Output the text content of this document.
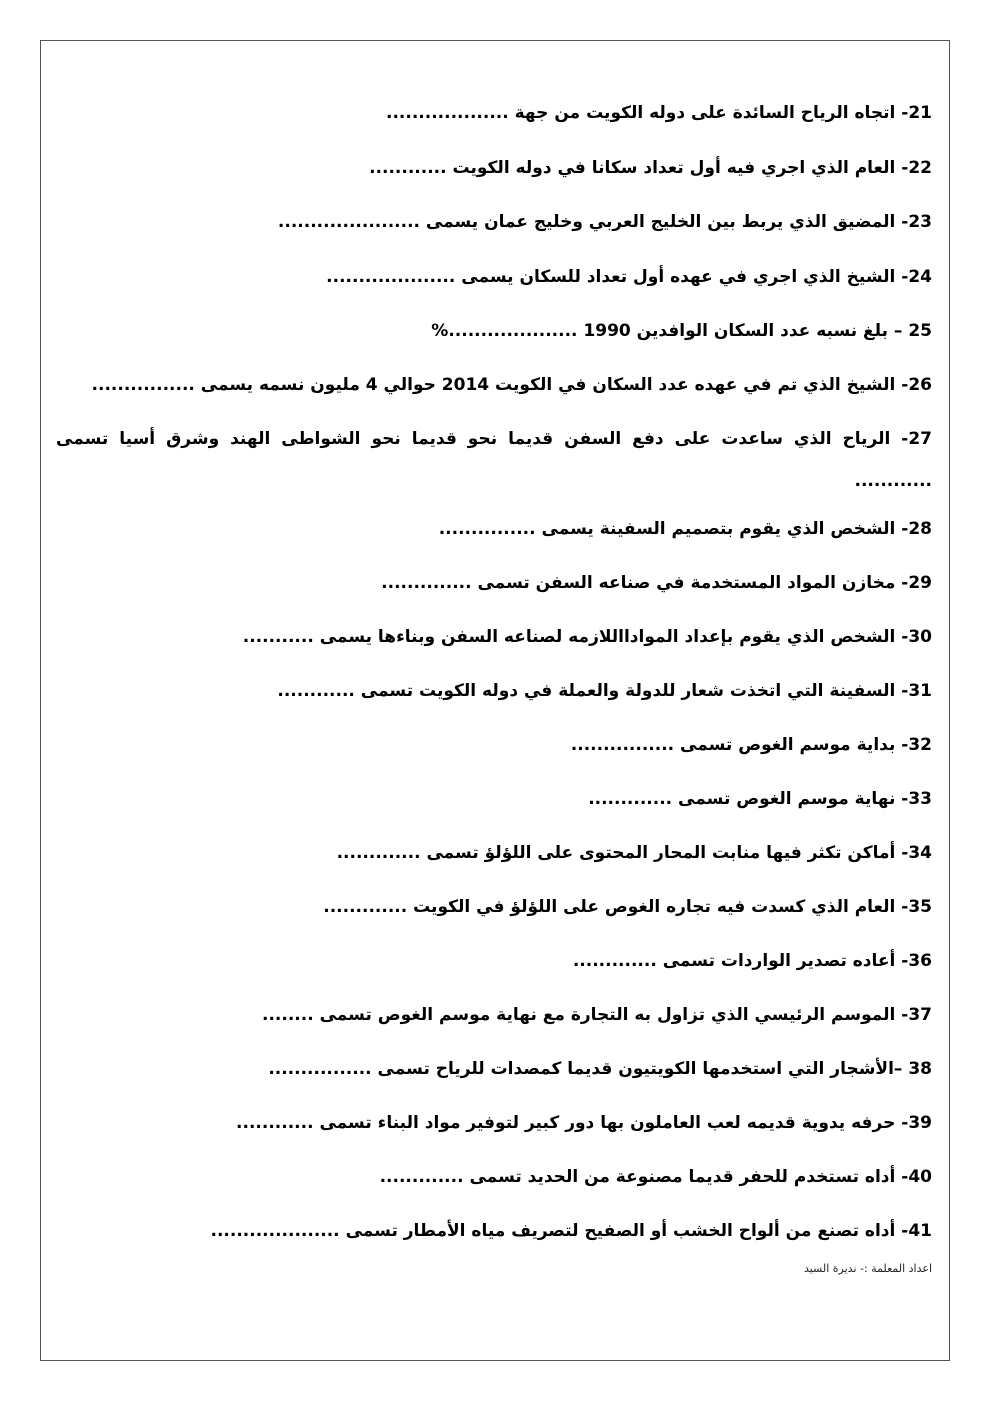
21- اتجاه الرياح السائدة على دوله الكويت من جهة ...................
22- العام الذي اجري فيه أول تعداد سكانا في دوله الكويت ............
23- المضيق الذي يربط بين الخليج العربي وخليج عمان يسمى ......................
24- الشيخ الذي اجري في عهده أول تعداد للسكان يسمى ....................
25 – بلغ نسبه عدد السكان الوافدين 1990 ....................%
26- الشيخ الذي تم في عهده عدد السكان في الكويت 2014 حوالي 4 مليون نسمه يسمى ................
27- الرياح الذي ساعدت على دفع السفن قديما نحو قديما نحو الشواطى الهند وشرق أسيا تسمى ............
28- الشخص الذي يقوم بتصميم السفينة يسمى ...............
29- مخازن المواد المستخدمة في صناعه السفن تسمى ..............
30- الشخص الذي يقوم بإعداد الموادااللازمه لصناعه السفن وبناءها يسمى ...........
31- السفينة التي اتخذت شعار للدولة والعملة في دوله الكويت تسمى ............
32- بداية موسم الغوص تسمى ................
33- نهاية موسم الغوص تسمى .............
34- أماكن تكثر فيها منابت المحار المحتوى على اللؤلؤ تسمى .............
35- العام الذي كسدت فيه تجاره الغوص على اللؤلؤ في الكويت .............
36- أعاده تصدير الواردات تسمى .............
37- الموسم الرئيسي الذي تزاول به التجارة مع نهاية موسم الغوص تسمى ........
38 –الأشجار التي استخدمها الكويتيون قديما كمصدات للرياح تسمى ................
39- حرفه يدوية قديمه لعب العاملون بها دور كبير لتوفير مواد البناء تسمى ............
40- أداه تستخدم للحفر قديما مصنوعة من الحديد تسمى .............
41- أداه تصنع من ألواح الخشب أو الصفيح لتصريف مياه الأمطار تسمى ....................
اعداد المعلمة :- نديرة السيد
